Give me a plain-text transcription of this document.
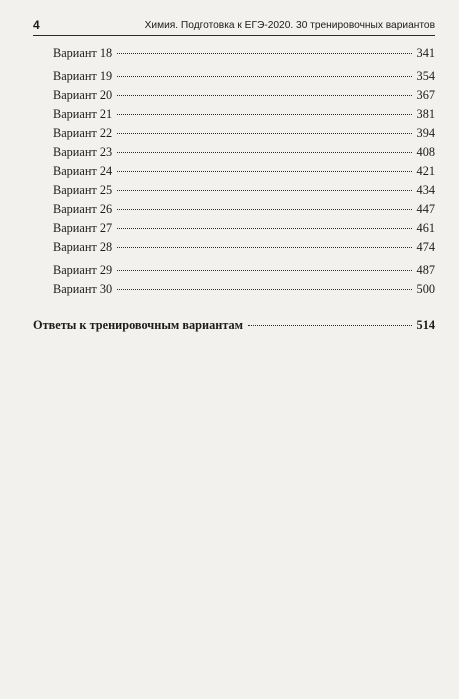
4	Химия. Подготовка к ЕГЭ-2020. 30 тренировочных вариантов
Вариант 18	341
Вариант 19	354
Вариант 20	367
Вариант 21	381
Вариант 22	394
Вариант 23	408
Вариант 24	421
Вариант 25	434
Вариант 26	447
Вариант 27	461
Вариант 28	474
Вариант 29	487
Вариант 30	500
Ответы к тренировочным вариантам	514
